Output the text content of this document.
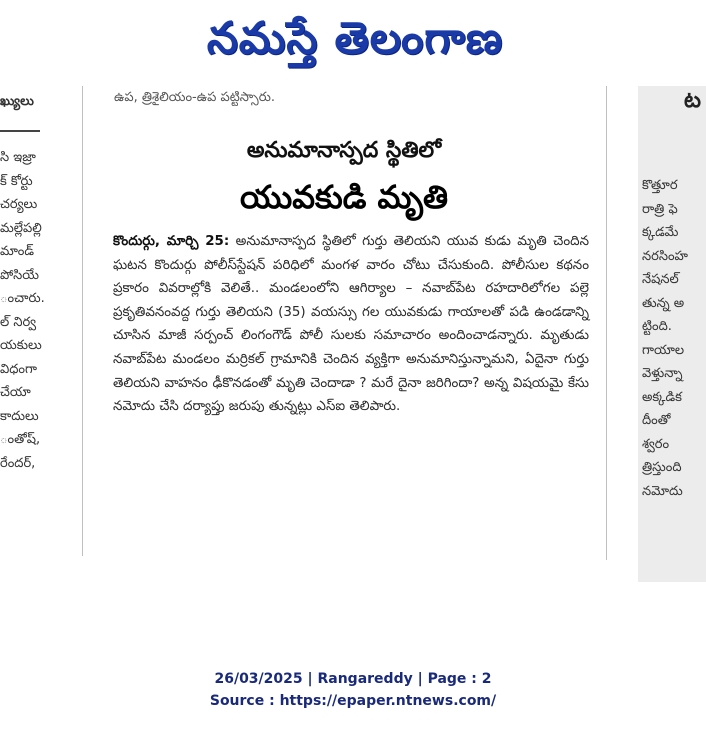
నమస్తే తెలంగాణ
ఖ్యులు
సి ఇజ్రా
క్ కోర్టు
చర్యలు
మల్లేపల్లి
మాండ్
పోసియే
ంచారు.
ల్ నిర్వ
యకులు
విధంగా
చేయా
కాదులు
ంతోష్,
రేందర్,
ఉప, త్రిశైలియం-ఉప పట్టిస్సారు.
అనుమానాస్పద స్థితిలో
యువకుడి మృతి
కొందుర్గు, మార్చి 25: అనుమానాస్పద స్థితిలో గుర్తు తెలియని యువ కుడు మృతి చెందిన ఘటన కొందుర్గు పోలీస్‌స్టేషన్ పరిధిలో మంగళ వారం చోటు చేసుకుంది. పోలీసుల కథనం ప్రకారం వివరాల్లోకి వెలితే.. మండలంలోని ఆగిర్యాల – నవాబ్‌పేట రహదారిలోగల పల్లె ప్రకృతివనంవద్ద గుర్తు తెలియని (35) వయస్సు గల యువకుడు గాయాలతో పడి ఉండడాన్ని చూసిన మాజీ సర్పంచ్ లింగంగౌడ్ పోలీ సులకు సమాచారం అందించాడన్నారు. మృతుడు నవాబ్‌పేట మండలం మర్రికల్ గ్రామానికి చెందిన వ్యక్తిగా అనుమానిస్తున్నామని, ఏదైనా గుర్తు తెలియని వాహనం ఢీకొనడంతో మృతి చెందాడా ? మరే దైనా జరిగిందా? అన్న విషయమై కేసు నమోదు చేసి దర్యాప్తు జరుపు తున్నట్లు ఎస్ఐ తెలిపారు.
ట
కొత్తూర
రాత్రి ఫె
క్కడమే
నరసింహ
నేషనల్
తున్న అ
ట్టింది.
గాయాల
వెళ్తున్నా
అక్కడిక
దీంతో
శ్వరం
త్రిస్తుంది
నమోదు
26/03/2025 | Rangareddy | Page : 2
Source : https://epaper.ntnews.com/
